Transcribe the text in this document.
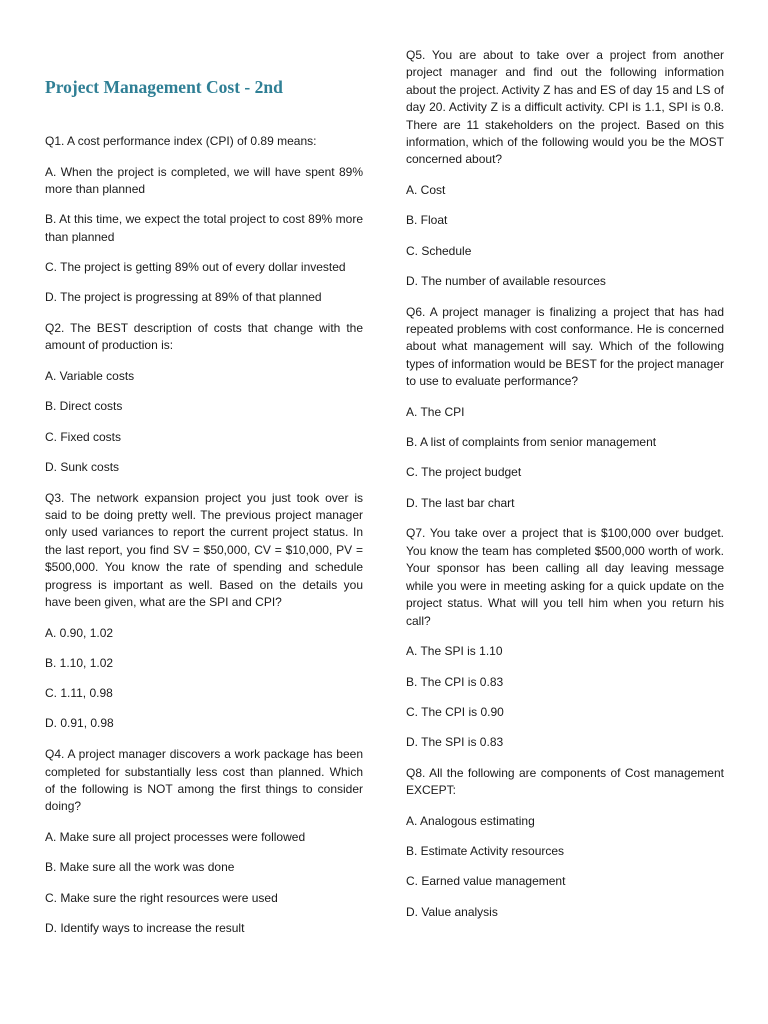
Project Management Cost - 2nd

Q1. A cost performance index (CPI) of 0.89 means:

A. When the project is completed, we will have spent 89% more than planned

B. At this time, we expect the total project to cost 89% more than planned

C. The project is getting 89% out of every dollar invested

D. The project is progressing at 89% of that planned

Q2. The BEST description of costs that change with the amount of production is:

A. Variable costs

B. Direct costs

C. Fixed costs

D. Sunk costs

Q3. The network expansion project you just took over is said to be doing pretty well. The previous project manager only used variances to report the current project status. In the last report, you find SV = $50,000, CV = $10,000, PV = $500,000. You know the rate of spending and schedule progress is important as well. Based on the details you have been given, what are the SPI and CPI?

A. 0.90, 1.02

B. 1.10, 1.02

C. 1.11, 0.98

D. 0.91, 0.98

Q4. A project manager discovers a work package has been completed for substantially less cost than planned. Which of the following is NOT among the first things to consider doing?

A. Make sure all project processes were followed

B. Make sure all the work was done

C. Make sure the right resources were used

D. Identify ways to increase the result

Q5. You are about to take over a project from another project manager and find out the following information about the project. Activity Z has and ES of day 15 and LS of day 20. Activity Z is a difficult activity. CPI is 1.1, SPI is 0.8. There are 11 stakeholders on the project. Based on this information, which of the following would you be the MOST concerned about?

A. Cost

B. Float

C. Schedule

D. The number of available resources

Q6. A project manager is finalizing a project that has had repeated problems with cost conformance. He is concerned about what management will say. Which of the following types of information would be BEST for the project manager to use to evaluate performance?

A. The CPI

B. A list of complaints from senior management

C. The project budget

D. The last bar chart

Q7. You take over a project that is $100,000 over budget. You know the team has completed $500,000 worth of work. Your sponsor has been calling all day leaving message while you were in meeting asking for a quick update on the project status. What will you tell him when you return his call?

A. The SPI is 1.10

B. The CPI is 0.83

C. The CPI is 0.90

D. The SPI is 0.83

Q8. All the following are components of Cost management EXCEPT:

A. Analogous estimating

B. Estimate Activity resources

C. Earned value management

D. Value analysis
